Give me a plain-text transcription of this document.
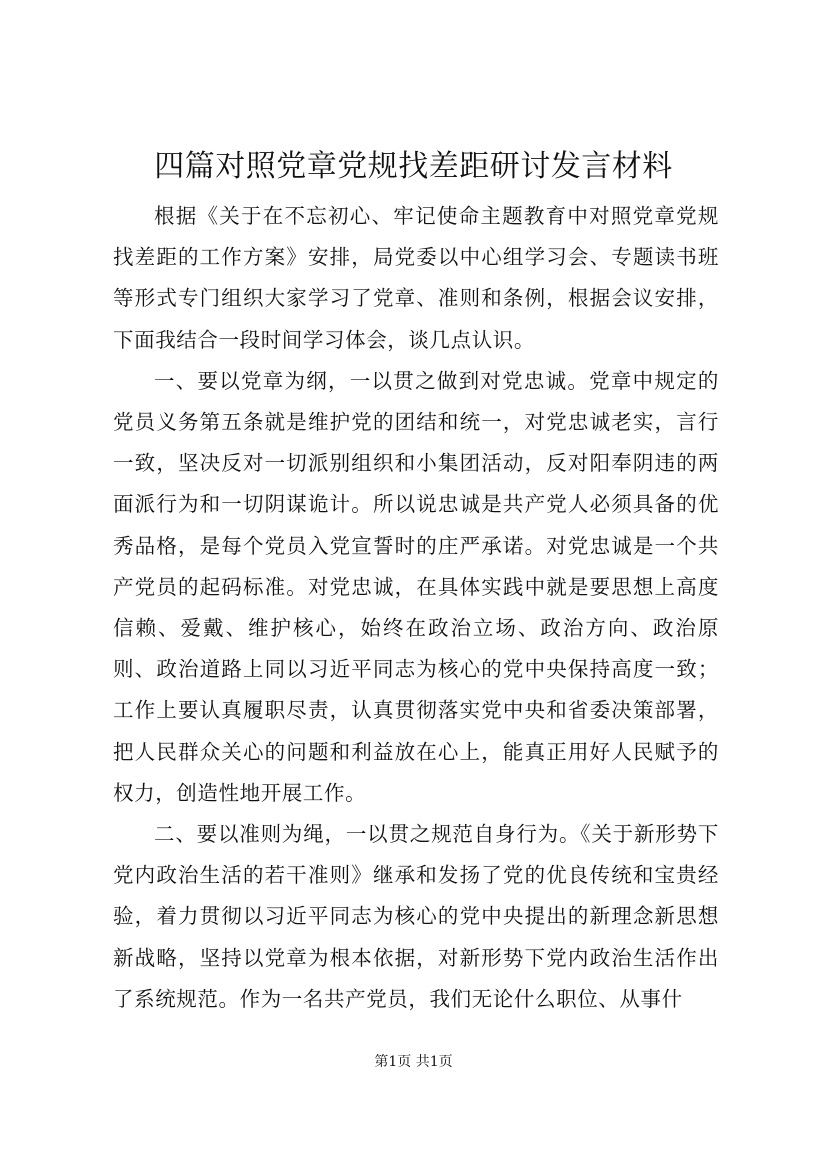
四篇对照党章党规找差距研讨发言材料

根据《关于在不忘初心、牢记使命主题教育中对照党章党规找差距的工作方案》安排，局党委以中心组学习会、专题读书班等形式专门组织大家学习了党章、准则和条例，根据会议安排，下面我结合一段时间学习体会，谈几点认识。

一、要以党章为纲，一以贯之做到对党忠诚。党章中规定的党员义务第五条就是维护党的团结和统一，对党忠诚老实，言行一致，坚决反对一切派别组织和小集团活动，反对阳奉阴违的两面派行为和一切阴谋诡计。所以说忠诚是共产党人必须具备的优秀品格，是每个党员入党宣誓时的庄严承诺。对党忠诚是一个共产党员的起码标准。对党忠诚，在具体实践中就是要思想上高度信赖、爱戴、维护核心，始终在政治立场、政治方向、政治原则、政治道路上同以习近平同志为核心的党中央保持高度一致；工作上要认真履职尽责，认真贯彻落实党中央和省委决策部署，把人民群众关心的问题和利益放在心上，能真正用好人民赋予的权力，创造性地开展工作。

二、要以准则为绳，一以贯之规范自身行为。《关于新形势下党内政治生活的若干准则》继承和发扬了党的优良传统和宝贵经验，着力贯彻以习近平同志为核心的党中央提出的新理念新思想新战略，坚持以党章为根本依据，对新形势下党内政治生活作出了系统规范。作为一名共产党员，我们无论什么职位、从事什

第1页 共1页
